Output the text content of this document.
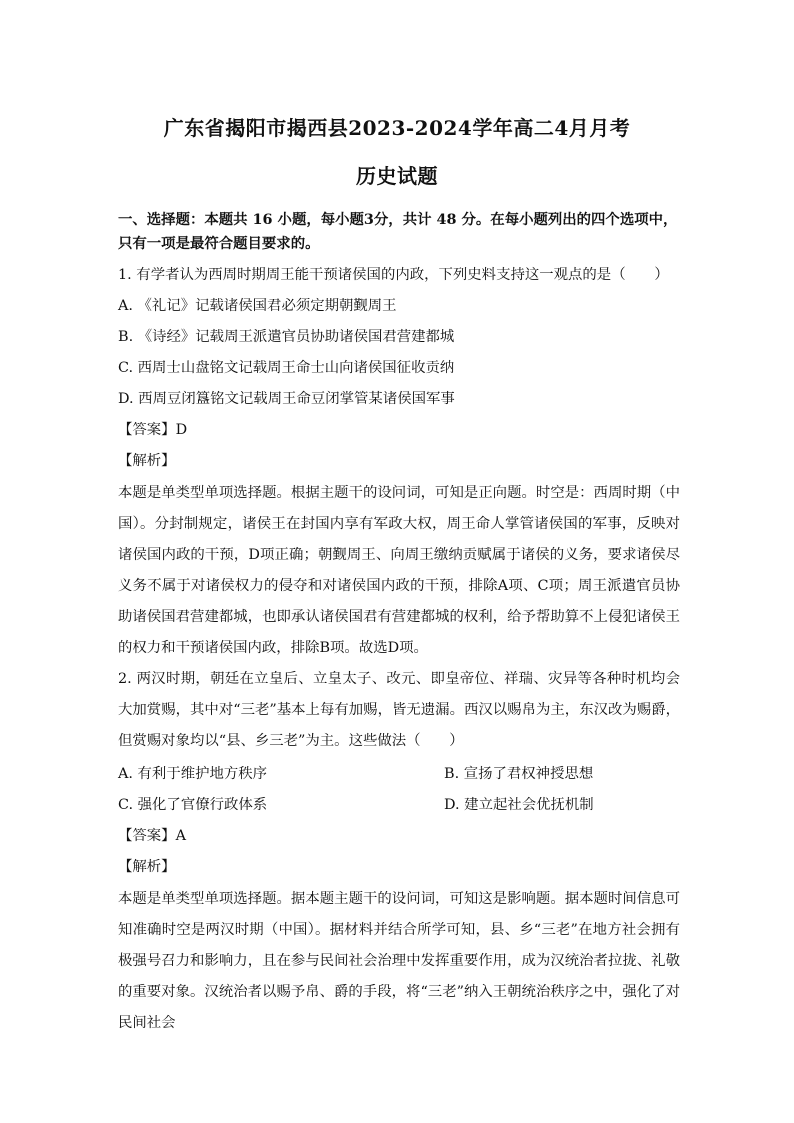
广东省揭阳市揭西县2023-2024学年高二4月月考
历史试题
一、选择题：本题共 16 小题，每小题3分，共计 48 分。在每小题列出的四个选项中，
只有一项是最符合题目要求的。
1. 有学者认为西周时期周王能干预诸侯国的内政，下列史料支持这一观点的是（　　）
A. 《礼记》记载诸侯国君必须定期朝觐周王
B. 《诗经》记载周王派遣官员协助诸侯国君营建都城
C. 西周士山盘铭文记载周王命士山向诸侯国征收贡纳
D. 西周豆闭簋铭文记载周王命豆闭掌管某诸侯国军事
【答案】D
【解析】
本题是单类型单项选择题。根据主题干的设问词，可知是正向题。时空是：西周时期（中国）。分封制规定，诸侯王在封国内享有军政大权，周王命人掌管诸侯国的军事，反映对诸侯国内政的干预，D项正确；朝觐周王、向周王缴纳贡赋属于诸侯的义务，要求诸侯尽义务不属于对诸侯权力的侵夺和对诸侯国内政的干预，排除A项、C项；周王派遣官员协助诸侯国君营建都城，也即承认诸侯国君有营建都城的权利，给予帮助算不上侵犯诸侯王的权力和干预诸侯国内政，排除B项。故选D项。
2. 两汉时期，朝廷在立皇后、立皇太子、改元、即皇帝位、祥瑞、灾异等各种时机均会大加赏赐，其中对“三老”基本上每有加赐，皆无遗漏。西汉以赐帛为主，东汉改为赐爵，但赏赐对象均以“县、乡三老”为主。这些做法（　　）
A. 有利于维护地方秩序	B. 宣扬了君权神授思想
C. 强化了官僚行政体系	D. 建立起社会优抚机制
【答案】A
【解析】
本题是单类型单项选择题。据本题主题干的设问词，可知这是影响题。据本题时间信息可知准确时空是两汉时期（中国）。据材料并结合所学可知，县、乡“三老”在地方社会拥有极强号召力和影响力，且在参与民间社会治理中发挥重要作用，成为汉统治者拉拢、礼敬的重要对象。汉统治者以赐予帛、爵的手段，将“三老”纳入王朝统治秩序之中，强化了对民间社会
